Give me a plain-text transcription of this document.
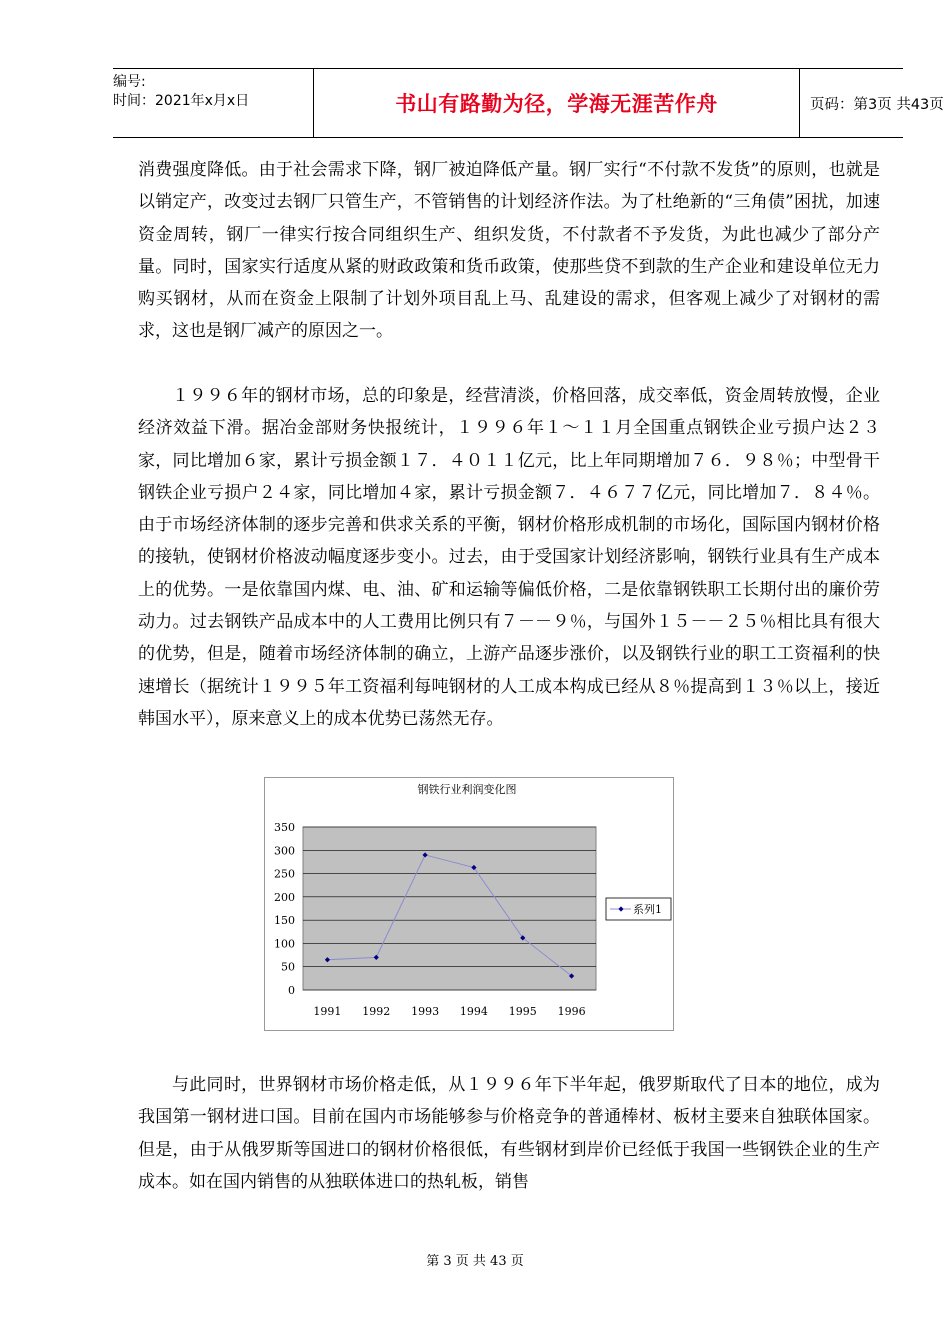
编号:
时间：2021年x月x日	书山有路勤为径，学海无涯苦作舟	页码：第3页 共43页

消费强度降低。由于社会需求下降，钢厂被迫降低产量。钢厂实行“不付款不发货”的原则，也就是以销定产，改变过去钢厂只管生产，不管销售的计划经济作法。为了杜绝新的“三角债”困扰，加速资金周转，钢厂一律实行按合同组织生产、组织发货，不付款者不予发货，为此也减少了部分产量。同时，国家实行适度从紧的财政政策和货币政策，使那些贷不到款的生产企业和建设单位无力购买钢材，从而在资金上限制了计划外项目乱上马、乱建设的需求，但客观上减少了对钢材的需求，这也是钢厂减产的原因之一。

１９９６年的钢材市场，总的印象是，经营清淡，价格回落，成交率低，资金周转放慢，企业经济效益下滑。据冶金部财务快报统计，１９９６年１～１１月全国重点钢铁企业亏损户达２３家，同比增加６家，累计亏损金额１７．４０１１亿元，比上年同期增加７６．９８％；中型骨干钢铁企业亏损户２４家，同比增加４家，累计亏损金额７．４６７７亿元，同比增加７．８４％。由于市场经济体制的逐步完善和供求关系的平衡，钢材价格形成机制的市场化，国际国内钢材价格的接轨，使钢材价格波动幅度逐步变小。过去，由于受国家计划经济影响，钢铁行业具有生产成本上的优势。一是依靠国内煤、电、油、矿和运输等偏低价格，二是依靠钢铁职工长期付出的廉价劳动力。过去钢铁产品成本中的人工费用比例只有７－－９％，与国外１５－－２５％相比具有很大的优势，但是，随着市场经济体制的确立，上游产品逐步涨价，以及钢铁行业的职工工资福利的快速增长（据统计１９９５年工资福利每吨钢材的人工成本构成已经从８％提高到１３％以上，接近韩国水平），原来意义上的成本优势已荡然无存。

钢铁行业利润变化图
0
50
100
150
200
250
300
350
1991 1992 1993 1994 1995 1996
系列1

与此同时，世界钢材市场价格走低，从１９９６年下半年起，俄罗斯取代了日本的地位，成为我国第一钢材进口国。目前在国内市场能够参与价格竞争的普通棒材、板材主要来自独联体国家。但是，由于从俄罗斯等国进口的钢材价格很低，有些钢材到岸价已经低于我国一些钢铁企业的生产成本。如在国内销售的从独联体进口的热轧板，销售

第 3 页 共 43 页
